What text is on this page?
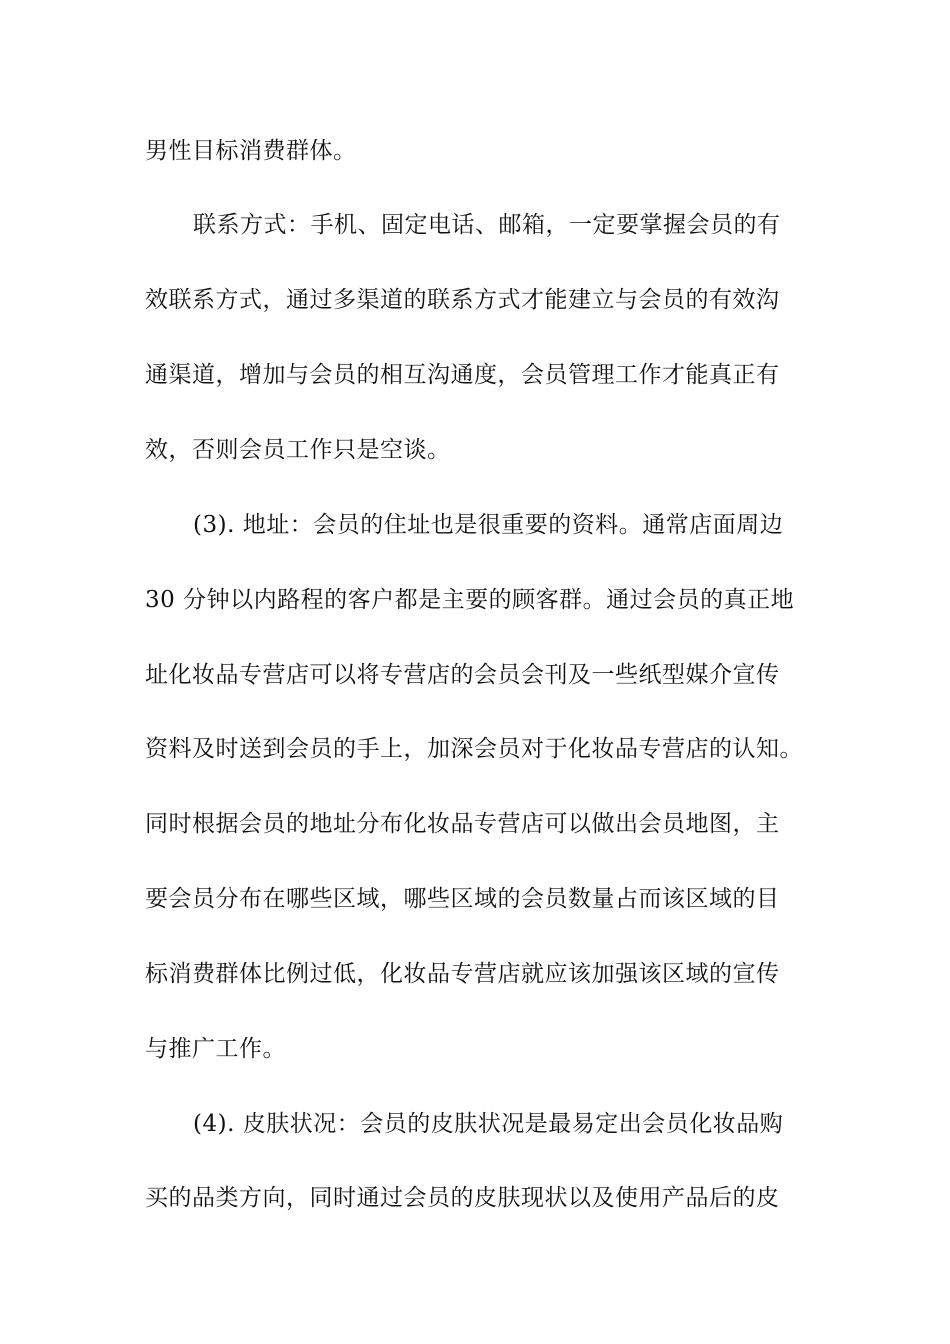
男性目标消费群体。
联系方式：手机、固定电话、邮箱，一定要掌握会员的有
效联系方式，通过多渠道的联系方式才能建立与会员的有效沟
通渠道，增加与会员的相互沟通度，会员管理工作才能真正有
效，否则会员工作只是空谈。
(3). 地址：会员的住址也是很重要的资料。通常店面周边
30 分钟以内路程的客户都是主要的顾客群。通过会员的真正地
址化妆品专营店可以将专营店的会员会刊及一些纸型媒介宣传
资料及时送到会员的手上，加深会员对于化妆品专营店的认知。
同时根据会员的地址分布化妆品专营店可以做出会员地图，主
要会员分布在哪些区域，哪些区域的会员数量占而该区域的目
标消费群体比例过低，化妆品专营店就应该加强该区域的宣传
与推广工作。
(4). 皮肤状况：会员的皮肤状况是最易定出会员化妆品购
买的品类方向，同时通过会员的皮肤现状以及使用产品后的皮
